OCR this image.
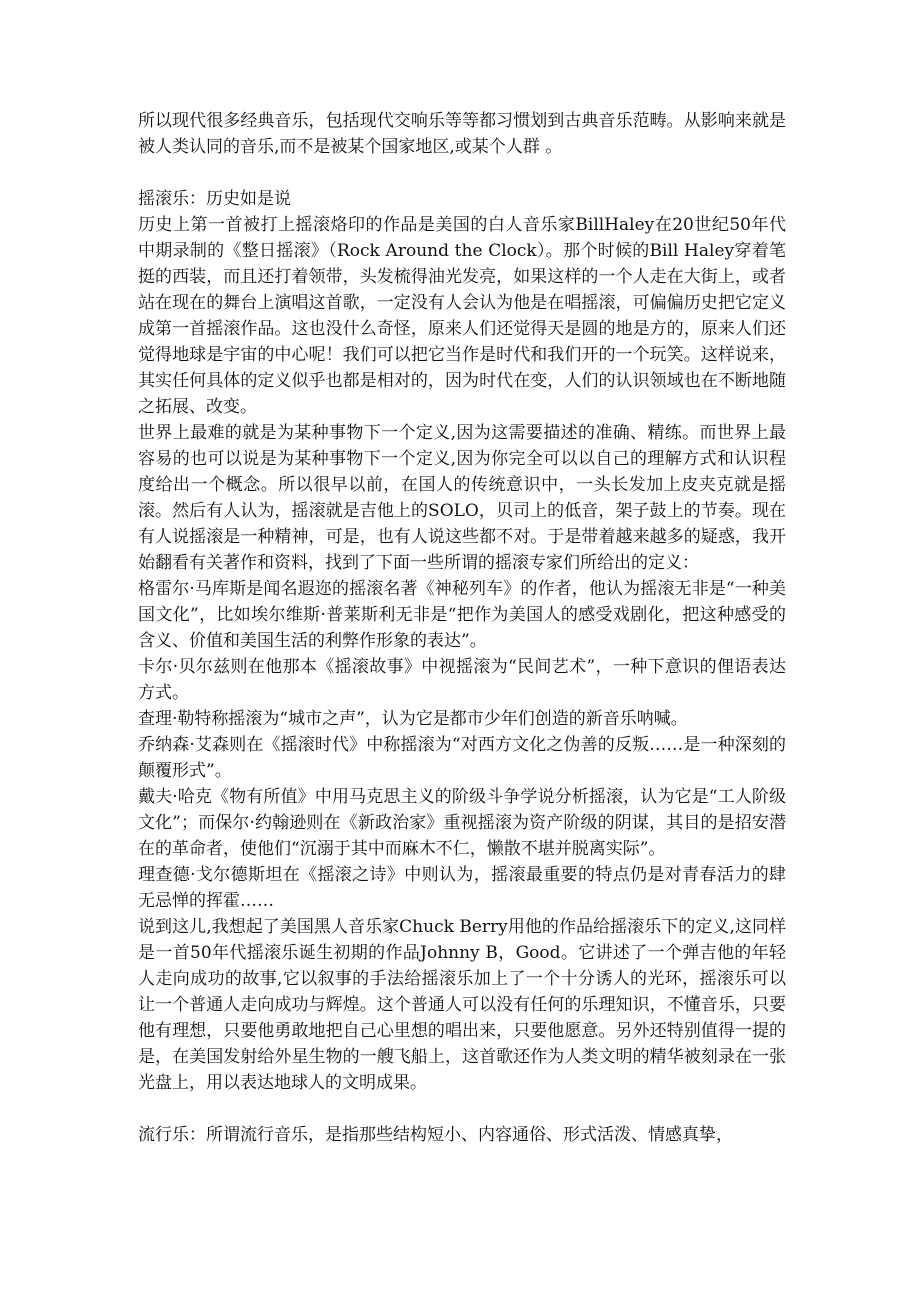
所以现代很多经典音乐，包括现代交响乐等等都习惯划到古典音乐范畴。从影响来就是被人类认同的音乐,而不是被某个国家地区,或某个人群 。

摇滚乐：历史如是说

历史上第一首被打上摇滚烙印的作品是美国的白人音乐家BillHaley在20世纪50年代中期录制的《整日摇滚》（Rock Around the Clock）。那个时候的Bill Haley穿着笔挺的西装，而且还打着领带，头发梳得油光发亮，如果这样的一个人走在大街上，或者站在现在的舞台上演唱这首歌，一定没有人会认为他是在唱摇滚，可偏偏历史把它定义成第一首摇滚作品。这也没什么奇怪，原来人们还觉得天是圆的地是方的，原来人们还觉得地球是宇宙的中心呢！我们可以把它当作是时代和我们开的一个玩笑。这样说来，其实任何具体的定义似乎也都是相对的，因为时代在变，人们的认识领域也在不断地随之拓展、改变。

世界上最难的就是为某种事物下一个定义,因为这需要描述的准确、精练。而世界上最容易的也可以说是为某种事物下一个定义,因为你完全可以以自己的理解方式和认识程度给出一个概念。所以很早以前，在国人的传统意识中，一头长发加上皮夹克就是摇滚。然后有人认为，摇滚就是吉他上的SOLO，贝司上的低音，架子鼓上的节奏。现在有人说摇滚是一种精神，可是，也有人说这些都不对。于是带着越来越多的疑惑，我开始翻看有关著作和资料，找到了下面一些所谓的摇滚专家们所给出的定义：

格雷尔·马库斯是闻名遐迩的摇滚名著《神秘列车》的作者，他认为摇滚无非是“一种美国文化”，比如埃尔维斯·普莱斯利无非是“把作为美国人的感受戏剧化，把这种感受的含义、价值和美国生活的利弊作形象的表达”。

卡尔·贝尔兹则在他那本《摇滚故事》中视摇滚为“民间艺术”，一种下意识的俚语表达方式。

查理·勒特称摇滚为“城市之声”，认为它是都市少年们创造的新音乐呐喊。

乔纳森·艾森则在《摇滚时代》中称摇滚为“对西方文化之伪善的反叛……是一种深刻的颠覆形式”。

戴夫·哈克《物有所值》中用马克思主义的阶级斗争学说分析摇滚，认为它是“工人阶级文化”；而保尔·约翰逊则在《新政治家》重视摇滚为资产阶级的阴谋，其目的是招安潜在的革命者，使他们“沉溺于其中而麻木不仁，懒散不堪并脱离实际”。

理查德·戈尔德斯坦在《摇滚之诗》中则认为，摇滚最重要的特点仍是对青春活力的肆无忌惮的挥霍……

说到这儿,我想起了美国黑人音乐家Chuck Berry用他的作品给摇滚乐下的定义,这同样是一首50年代摇滚乐诞生初期的作品Johnny B，Good。它讲述了一个弹吉他的年轻人走向成功的故事,它以叙事的手法给摇滚乐加上了一个十分诱人的光环，摇滚乐可以让一个普通人走向成功与辉煌。这个普通人可以没有任何的乐理知识，不懂音乐，只要他有理想，只要他勇敢地把自己心里想的唱出来，只要他愿意。另外还特别值得一提的是，在美国发射给外星生物的一艘飞船上，这首歌还作为人类文明的精华被刻录在一张光盘上，用以表达地球人的文明成果。

流行乐：所谓流行音乐，是指那些结构短小、内容通俗、形式活泼、情感真挚，
